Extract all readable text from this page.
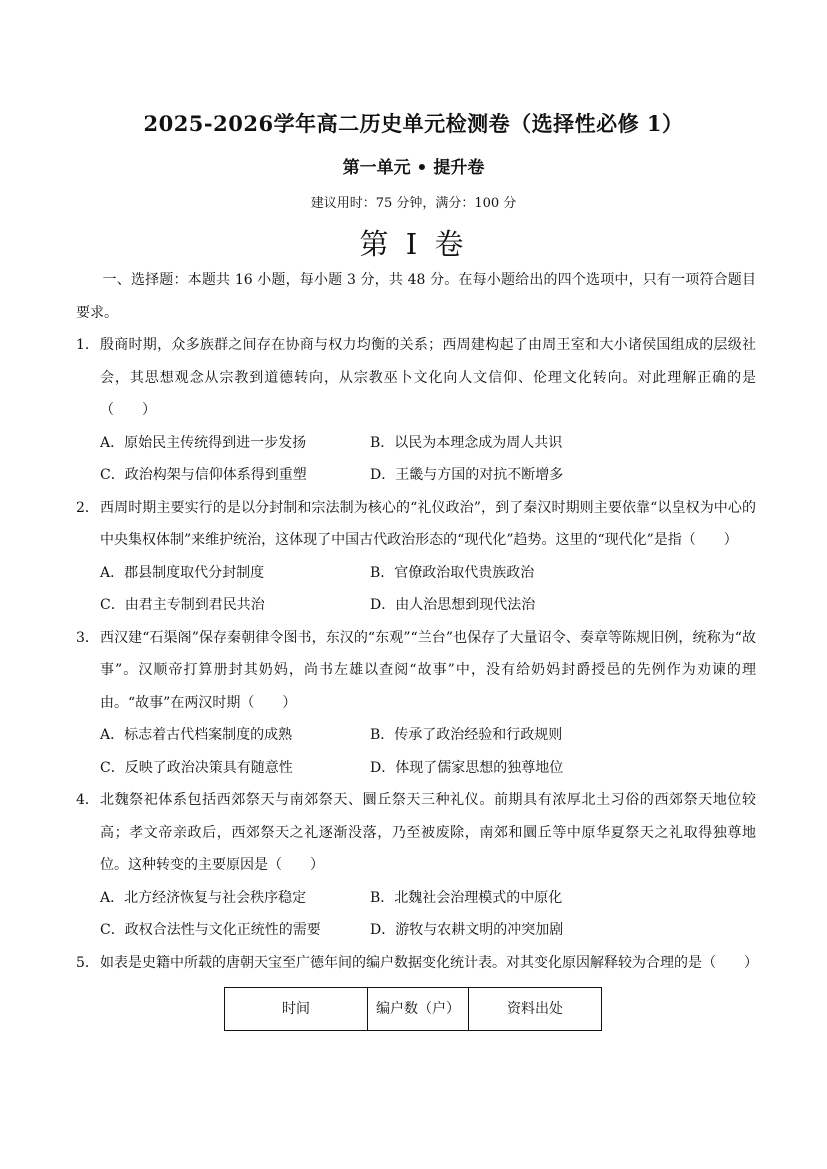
2025-2026学年高二历史单元检测卷（选择性必修 1）
第一单元 • 提升卷
建议用时：75 分钟，满分：100 分
第 I 卷

一、选择题：本题共 16 小题，每小题 3 分，共 48 分。在每小题给出的四个选项中，只有一项符合题目要求。

1． 殷商时期，众多族群之间存在协商与权力均衡的关系；西周建构起了由周王室和大小诸侯国组成的层级社会，其思想观念从宗教到道德转向，从宗教巫卜文化向人文信仰、伦理文化转向。对此理解正确的是（　　）
A．原始民主传统得到进一步发扬	B．以民为本理念成为周人共识
C．政治构架与信仰体系得到重塑	D．王畿与方国的对抗不断增多
2． 西周时期主要实行的是以分封制和宗法制为核心的“礼仪政治”，到了秦汉时期则主要依靠“以皇权为中心的中央集权体制”来维护统治，这体现了中国古代政治形态的“现代化”趋势。这里的“现代化”是指（　　）
A．郡县制度取代分封制度	B．官僚政治取代贵族政治
C．由君主专制到君民共治	D．由人治思想到现代法治
3． 西汉建“石渠阁”保存秦朝律令图书，东汉的“东观”“兰台”也保存了大量诏令、奏章等陈规旧例，统称为“故事”。汉顺帝打算册封其奶妈，尚书左雄以查阅“故事”中，没有给奶妈封爵授邑的先例作为劝谏的理由。“故事”在两汉时期（　　）
A．标志着古代档案制度的成熟	B．传承了政治经验和行政规则
C．反映了政治决策具有随意性	D．体现了儒家思想的独尊地位
4． 北魏祭祀体系包括西郊祭天与南郊祭天、圜丘祭天三种礼仪。前期具有浓厚北土习俗的西郊祭天地位较高；孝文帝亲政后，西郊祭天之礼逐渐没落，乃至被废除，南郊和圜丘等中原华夏祭天之礼取得独尊地位。这种转变的主要原因是（　　）
A．北方经济恢复与社会秩序稳定	B．北魏社会治理模式的中原化
C．政权合法性与文化正统性的需要	D．游牧与农耕文明的冲突加剧
5． 如表是史籍中所载的唐朝天宝至广德年间的编户数据变化统计表。对其变化原因解释较为合理的是（　　）
时间	编户数（户）	资料出处
